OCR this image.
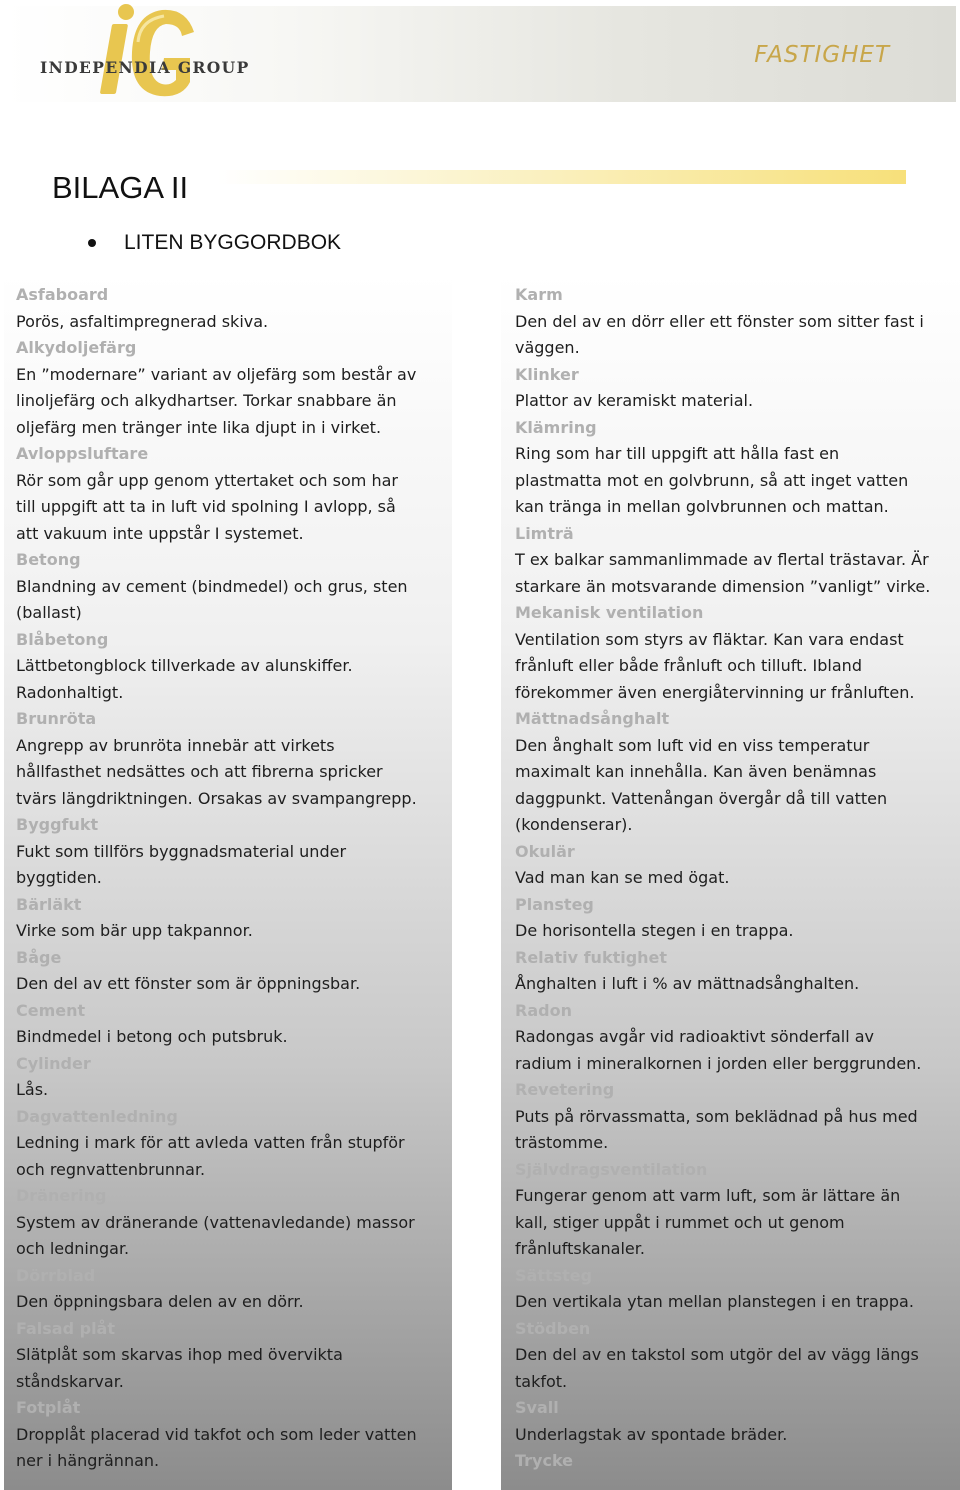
INDEPENDIA GROUP	FASTIGHET
BILAGA II
LITEN BYGGORDBOK
Asfaboard
Porös, asfaltimpregnerad skiva.
Alkydoljefärg
En ”modernare” variant av oljefärg som består av
linoljefärg och alkydhartser. Torkar snabbare än
oljefärg men tränger inte lika djupt in i virket.
Avloppsluftare
Rör som går upp genom yttertaket och som har
till uppgift att ta in luft vid spolning I avlopp, så
att vakuum inte uppstår I systemet.
Betong
Blandning av cement (bindmedel) och grus, sten
(ballast)
Blåbetong
Lättbetongblock tillverkade av alunskiffer.
Radonhaltigt.
Brunröta
Angrepp av brunröta innebär att virkets
hållfasthet nedsättes och att fibrerna spricker
tvärs längdriktningen. Orsakas av svampangrepp.
Byggfukt
Fukt som tillförs byggnadsmaterial under
byggtiden.
Bärläkt
Virke som bär upp takpannor.
Båge
Den del av ett fönster som är öppningsbar.
Cement
Bindmedel i betong och putsbruk.
Cylinder
Lås.
Dagvattenledning
Ledning i mark för att avleda vatten från stupför
och regnvattenbrunnar.
Dränering
System av dränerande (vattenavledande) massor
och ledningar.
Dörrblad
Den öppningsbara delen av en dörr.
Falsad plåt
Slätplåt som skarvas ihop med övervikta
ståndskarvar.
Fotplåt
Dropplåt placerad vid takfot och som leder vatten
ner i hängrännan.
Karm
Den del av en dörr eller ett fönster som sitter fast i
väggen.
Klinker
Plattor av keramiskt material.
Klämring
Ring som har till uppgift att hålla fast en
plastmatta mot en golvbrunn, så att inget vatten
kan tränga in mellan golvbrunnen och mattan.
Limträ
T ex balkar sammanlimmade av flertal trästavar. Är
starkare än motsvarande dimension ”vanligt” virke.
Mekanisk ventilation
Ventilation som styrs av fläktar. Kan vara endast
frånluft eller både frånluft och tilluft. Ibland
förekommer även energiåtervinning ur frånluften.
Mättnadsånghalt
Den ånghalt som luft vid en viss temperatur
maximalt kan innehålla. Kan även benämnas
daggpunkt. Vattenångan övergår då till vatten
(kondenserar).
Okulär
Vad man kan se med ögat.
Plansteg
De horisontella stegen i en trappa.
Relativ fuktighet
Ånghalten i luft i % av mättnadsånghalten.
Radon
Radongas avgår vid radioaktivt sönderfall av
radium i mineralkornen i jorden eller berggrunden.
Revetering
Puts på rörvassmatta, som beklädnad på hus med
trästomme.
Självdragsventilation
Fungerar genom att varm luft, som är lättare än
kall, stiger uppåt i rummet och ut genom
frånluftskanaler.
Sättsteg
Den vertikala ytan mellan planstegen i en trappa.
Stödben
Den del av en takstol som utgör del av vägg längs
takfot.
Svall
Underlagstak av spontade bräder.
Trycke
